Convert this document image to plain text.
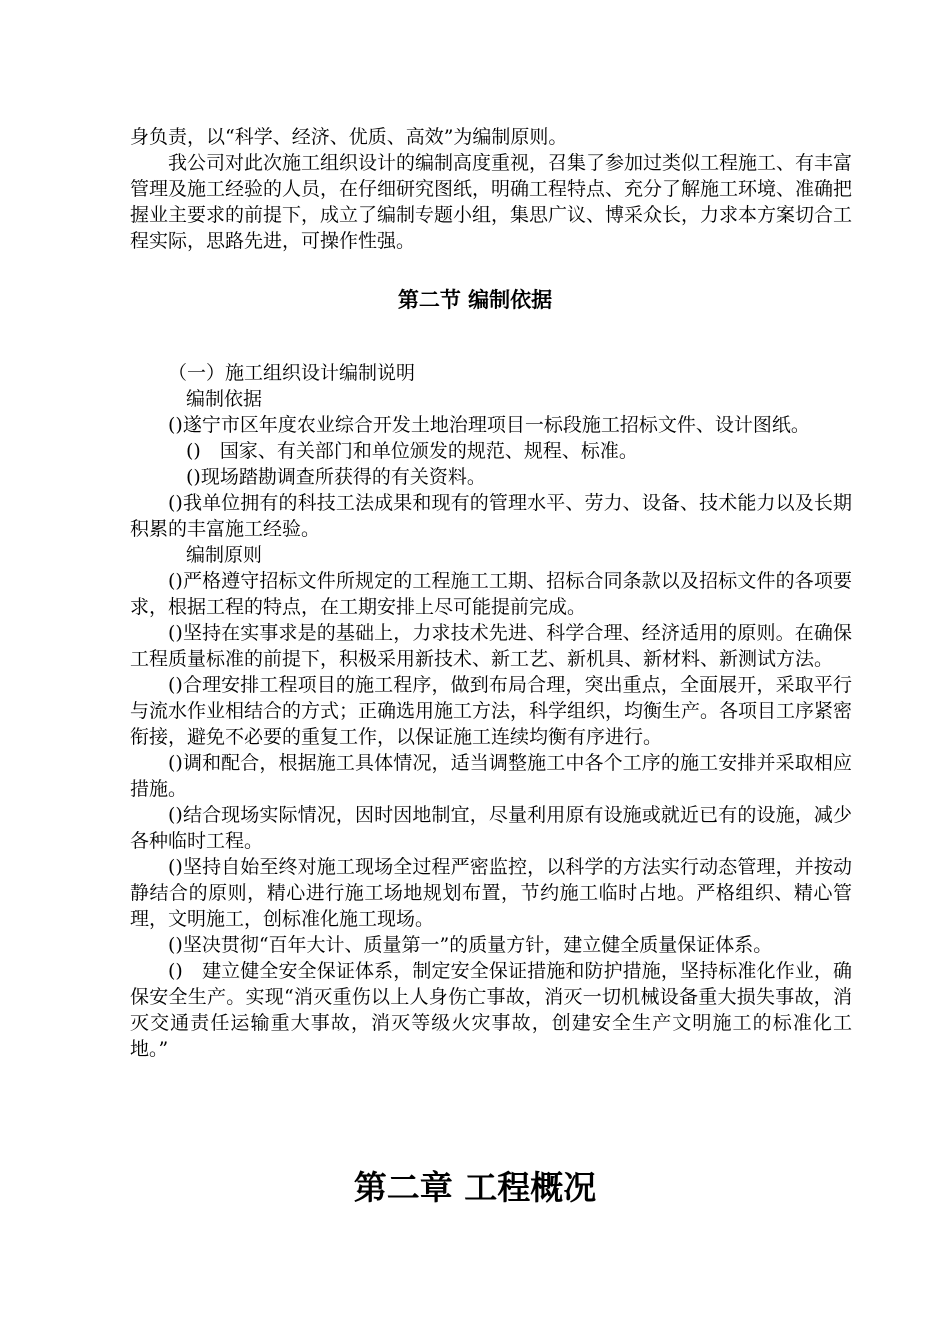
身负责，以“科学、经济、优质、高效”为编制原则。

我公司对此次施工组织设计的编制高度重视，召集了参加过类似工程施工、有丰富管理及施工经验的人员，在仔细研究图纸，明确工程特点、充分了解施工环境、准确把握业主要求的前提下，成立了编制专题小组，集思广议、博采众长，力求本方案切合工程实际，思路先进，可操作性强。

第二节 编制依据

（一）施工组织设计编制说明

编制依据

()遂宁市区年度农业综合开发土地治理项目一标段施工招标文件、设计图纸。

()　国家、有关部门和单位颁发的规范、规程、标准。

()现场踏勘调查所获得的有关资料。

()我单位拥有的科技工法成果和现有的管理水平、劳力、设备、技术能力以及长期积累的丰富施工经验。

编制原则

()严格遵守招标文件所规定的工程施工工期、招标合同条款以及招标文件的各项要求，根据工程的特点，在工期安排上尽可能提前完成。

()坚持在实事求是的基础上，力求技术先进、科学合理、经济适用的原则。在确保工程质量标准的前提下，积极采用新技术、新工艺、新机具、新材料、新测试方法。

()合理安排工程项目的施工程序，做到布局合理，突出重点，全面展开，采取平行与流水作业相结合的方式；正确选用施工方法，科学组织，均衡生产。各项目工序紧密衔接，避免不必要的重复工作，以保证施工连续均衡有序进行。

()调和配合，根据施工具体情况，适当调整施工中各个工序的施工安排并采取相应措施。

()结合现场实际情况，因时因地制宜，尽量利用原有设施或就近已有的设施，减少各种临时工程。

()坚持自始至终对施工现场全过程严密监控，以科学的方法实行动态管理，并按动静结合的原则，精心进行施工场地规划布置，节约施工临时占地。严格组织、精心管理，文明施工，创标准化施工现场。

()坚决贯彻“百年大计、质量第一”的质量方针，建立健全质量保证体系。

()　建立健全安全保证体系，制定安全保证措施和防护措施，坚持标准化作业，确保安全生产。实现“消灭重伤以上人身伤亡事故，消灭一切机械设备重大损失事故，消灭交通责任运输重大事故，消灭等级火灾事故，创建安全生产文明施工的标准化工地。”

第二章 工程概况
